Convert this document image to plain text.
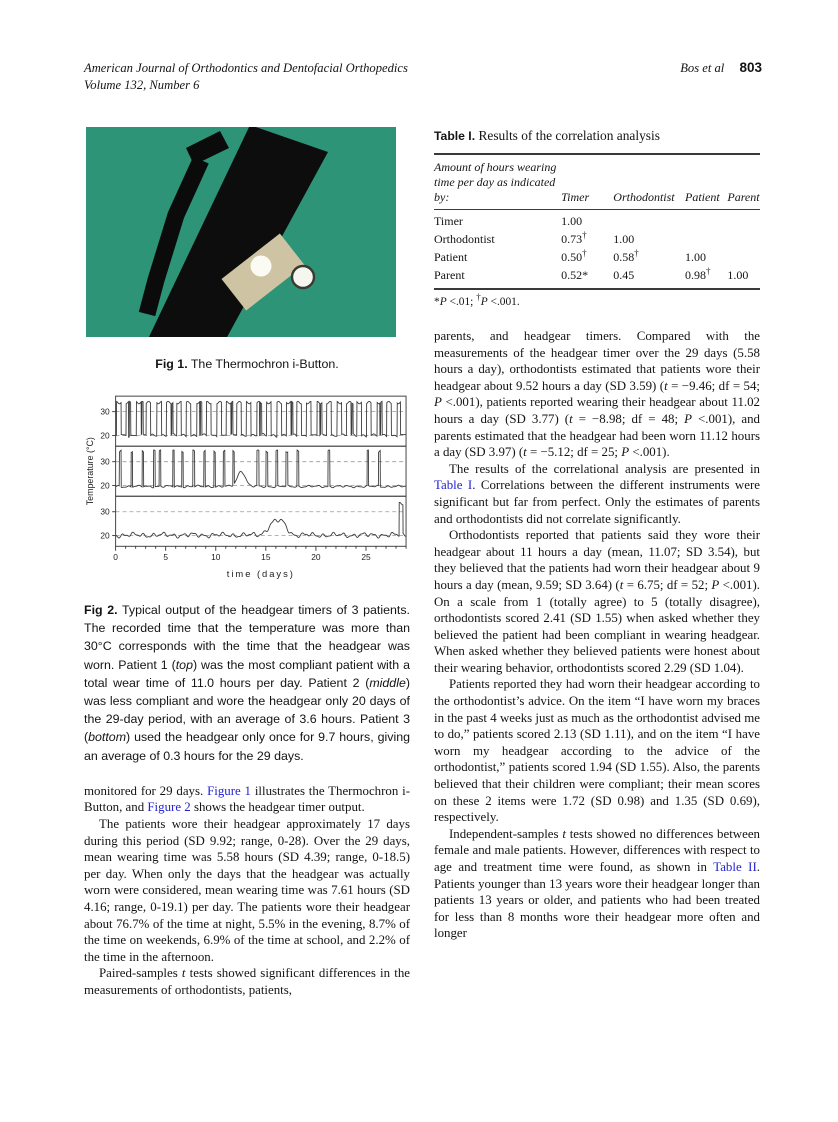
American Journal of Orthodontics and Dentofacial Orthopedics
Volume 132, Number 6
Bos et al 803

Fig 1. The Thermochron i-Button.

20
30
20
30
20
30
0	5	10	15	20	25
time (days)
Temperature (°C)

Fig 2. Typical output of the headgear timers of 3 patients. The recorded time that the temperature was more than 30°C corresponds with the time that the headgear was worn. Patient 1 (top) was the most compliant patient with a total wear time of 11.0 hours per day. Patient 2 (middle) was less compliant and wore the headgear only 20 days of the 29-day period, with an average of 3.6 hours. Patient 3 (bottom) used the headgear only once for 9.7 hours, giving an average of 0.3 hours for the 29 days.

monitored for 29 days. Figure 1 illustrates the Thermochron i-Button, and Figure 2 shows the headgear timer output.

The patients wore their headgear approximately 17 days during this period (SD 9.92; range, 0-28). Over the 29 days, mean wearing time was 5.58 hours (SD 4.39; range, 0-18.5) per day. When only the days that the headgear was actually worn were considered, mean wearing time was 7.61 hours (SD 4.16; range, 0-19.1) per day. The patients wore their headgear about 76.7% of the time at night, 5.5% in the evening, 8.7% of the time on weekends, 6.9% of the time at school, and 2.2% of the time in the afternoon.

Paired-samples t tests showed significant differences in the measurements of orthodontists, patients,

Table I. Results of the correlation analysis
Amount of hours wearing time per day as indicated by:	Timer	Orthodontist	Patient	Parent
Timer	1.00			
Orthodontist	0.73†	1.00		
Patient	0.50†	0.58†	1.00	
Parent	0.52*	0.45	0.98†	1.00

*P <.01; †P <.001.

parents, and headgear timers. Compared with the measurements of the headgear timer over the 29 days (5.58 hours a day), orthodontists estimated that patients wore their headgear about 9.52 hours a day (SD 3.59) (t = −9.46; df = 54; P <.001), patients reported wearing their headgear about 11.02 hours a day (SD 3.77) (t = −8.98; df = 48; P <.001), and parents estimated that the headgear had been worn 11.12 hours a day (SD 3.97) (t = −5.12; df = 25; P <.001).

The results of the correlational analysis are presented in Table I. Correlations between the different instruments were significant but far from perfect. Only the estimates of parents and orthodontists did not correlate significantly.

Orthodontists reported that patients said they wore their headgear about 11 hours a day (mean, 11.07; SD 3.54), but they believed that the patients had worn their headgear about 9 hours a day (mean, 9.59; SD 3.64) (t = 6.75; df = 52; P <.001). On a scale from 1 (totally agree) to 5 (totally disagree), orthodontists scored 2.41 (SD 1.55) when asked whether they believed the patient had been compliant in wearing headgear. When asked whether they believed patients were honest about their wearing behavior, orthodontists scored 2.29 (SD 1.04).

Patients reported they had worn their headgear according to the orthodontist’s advice. On the item “I have worn my braces in the past 4 weeks just as much as the orthodontist advised me to do,” patients scored 2.13 (SD 1.11), and on the item “I have worn my headgear according to the advice of the orthodontist,” patients scored 1.94 (SD 1.55). Also, the parents believed that their children were compliant; their mean scores on these 2 items were 1.72 (SD 0.98) and 1.35 (SD 0.69), respectively.

Independent-samples t tests showed no differences between female and male patients. However, differences with respect to age and treatment time were found, as shown in Table II. Patients younger than 13 years wore their headgear longer than patients 13 years or older, and patients who had been treated for less than 8 months wore their headgear more often and longer
